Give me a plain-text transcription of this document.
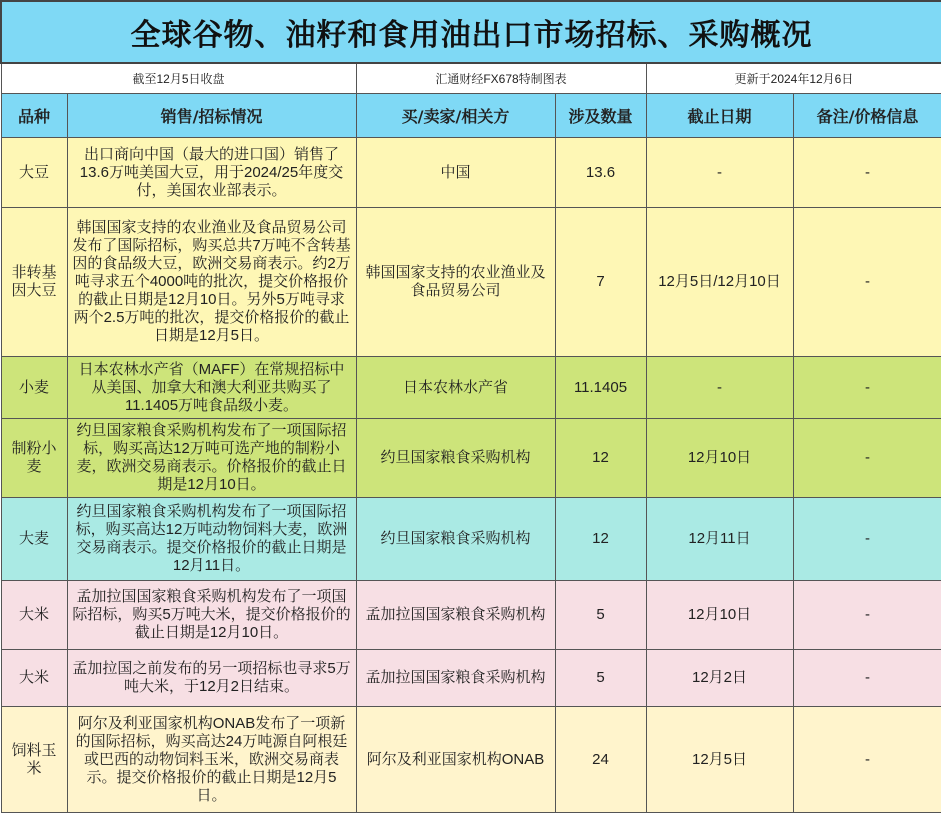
全球谷物、油籽和食用油出口市场招标、采购概况					
截至12月5日收盘		汇通财经FX678特制图表		更新于2024年12月6日	
品种	销售/招标情况	买/卖家/相关方	涉及数量	截止日期	备注/价格信息
大豆	出口商向中国（最大的进口国）销售了13.6万吨美国大豆，用于2024/25年度交付，美国农业部表示。	中国	13.6	-	-
非转基因大豆	韩国国家支持的农业渔业及食品贸易公司发布了国际招标，购买总共7万吨不含转基因的食品级大豆，欧洲交易商表示。约2万吨寻求五个4000吨的批次，提交价格报价的截止日期是12月10日。另外5万吨寻求两个2.5万吨的批次，提交价格报价的截止日期是12月5日。	韩国国家支持的农业渔业及食品贸易公司	7	12月5日/12月10日	-
小麦	日本农林水产省（MAFF）在常规招标中从美国、加拿大和澳大利亚共购买了11.1405万吨食品级小麦。	日本农林水产省	11.1405	-	-
制粉小麦	约旦国家粮食采购机构发布了一项国际招标，购买高达12万吨可选产地的制粉小麦，欧洲交易商表示。价格报价的截止日期是12月10日。	约旦国家粮食采购机构	12	12月10日	-
大麦	约旦国家粮食采购机构发布了一项国际招标，购买高达12万吨动物饲料大麦，欧洲交易商表示。提交价格报价的截止日期是12月11日。	约旦国家粮食采购机构	12	12月11日	-
大米	孟加拉国国家粮食采购机构发布了一项国际招标，购买5万吨大米，提交价格报价的截止日期是12月10日。	孟加拉国国家粮食采购机构	5	12月10日	-
大米	孟加拉国之前发布的另一项招标也寻求5万吨大米，于12月2日结束。	孟加拉国国家粮食采购机构	5	12月2日	-
饲料玉米	阿尔及利亚国家机构ONAB发布了一项新的国际招标，购买高达24万吨源自阿根廷或巴西的动物饲料玉米，欧洲交易商表示。提交价格报价的截止日期是12月5日。	阿尔及利亚国家机构ONAB	24	12月5日	-
